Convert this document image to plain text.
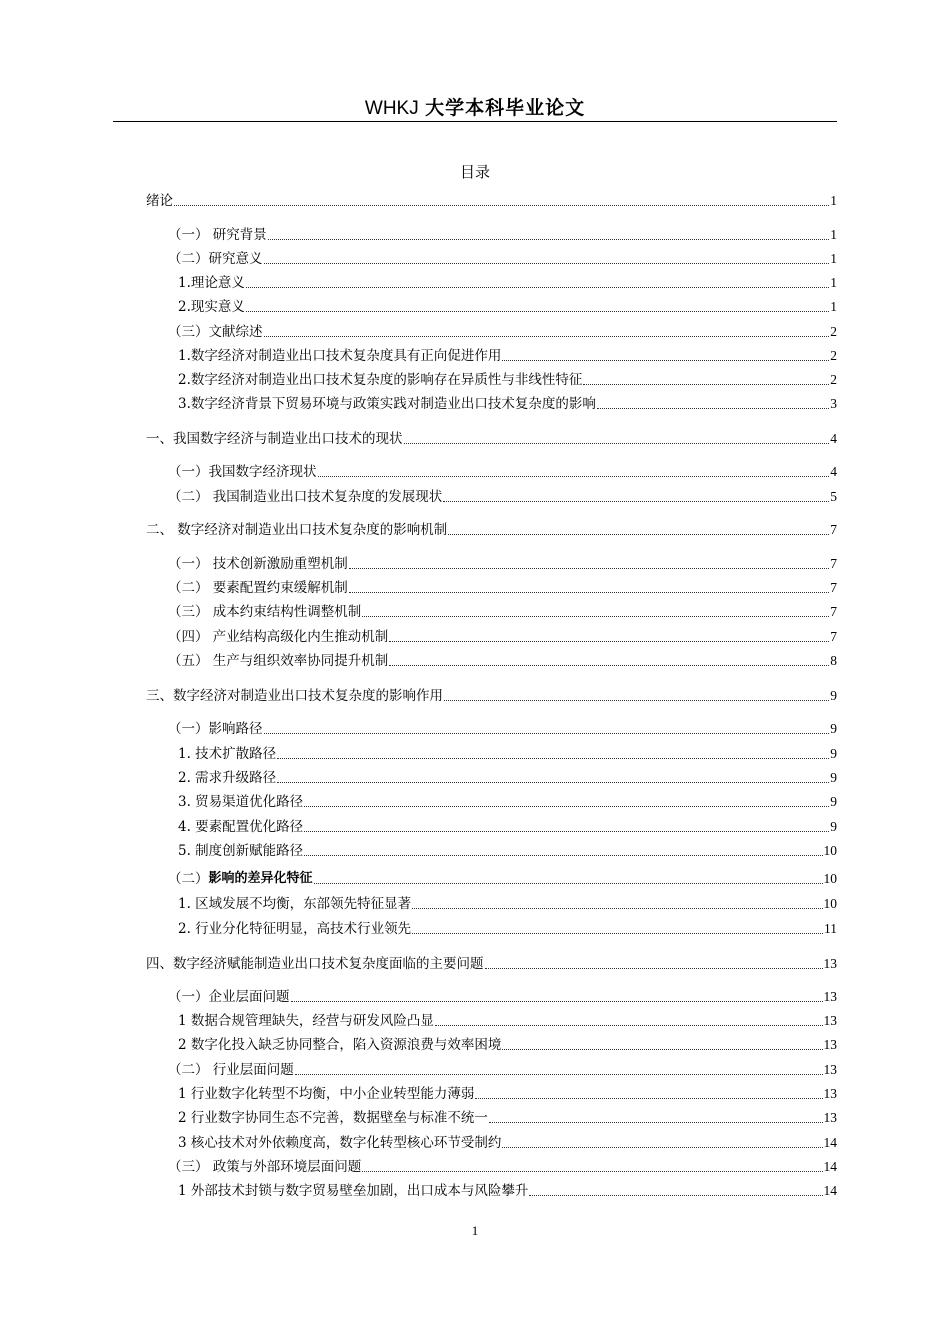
WHKJ 大学本科毕业论文
目录
绪论	1
（一） 研究背景	1
（二）研究意义	1
1.理论意义	1
2.现实意义	1
（三）文献综述	2
1.数字经济对制造业出口技术复杂度具有正向促进作用	2
2.数字经济对制造业出口技术复杂度的影响存在异质性与非线性特征	2
3.数字经济背景下贸易环境与政策实践对制造业出口技术复杂度的影响	3
一、我国数字经济与制造业出口技术的现状	4
（一）我国数字经济现状	4
（二） 我国制造业出口技术复杂度的发展现状	5
二、 数字经济对制造业出口技术复杂度的影响机制	7
（一） 技术创新激励重塑机制	7
（二） 要素配置约束缓解机制	7
（三） 成本约束结构性调整机制	7
（四） 产业结构高级化内生推动机制	7
（五） 生产与组织效率协同提升机制	8
三、数字经济对制造业出口技术复杂度的影响作用	9
（一）影响路径	9
1. 技术扩散路径	9
2. 需求升级路径	9
3. 贸易渠道优化路径	9
4. 要素配置优化路径	9
5. 制度创新赋能路径	10
（二） 影响的差异化特征	10
1. 区域发展不均衡，东部领先特征显著	10
2. 行业分化特征明显，高技术行业领先	11
四、数字经济赋能制造业出口技术复杂度面临的主要问题	13
（一）企业层面问题	13
1 数据合规管理缺失，经营与研发风险凸显	13
2 数字化投入缺乏协同整合，陷入资源浪费与效率困境	13
（二） 行业层面问题	13
1 行业数字化转型不均衡，中小企业转型能力薄弱	13
2 行业数字协同生态不完善，数据壁垒与标准不统一	13
3 核心技术对外依赖度高，数字化转型核心环节受制约	14
（三） 政策与外部环境层面问题	14
1 外部技术封锁与数字贸易壁垒加剧，出口成本与风险攀升	14
1
